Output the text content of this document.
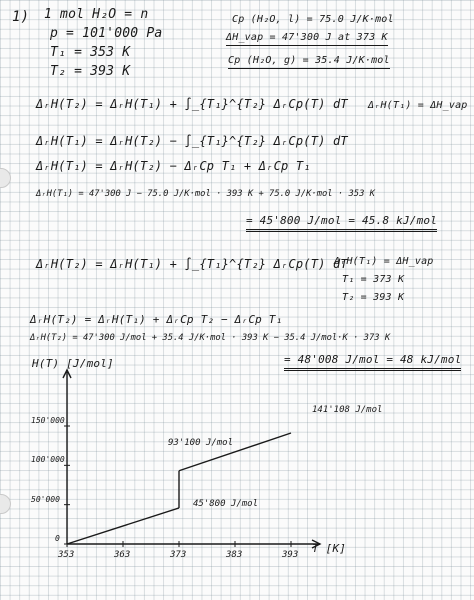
1) 1 mol H₂O = n
p = 101'000 Pa
T₁ = 353 K
T₂ = 393 K
Cp (H₂O, l) = 75.0 J/K·mol
ΔH_vap = 47'300 J at 373 K
Cp (H₂O, g) = 35.4 J/K·mol
ΔᵣH(T₂) = ΔᵣH(T₁) + ∫_{T₁}^{T₂} ΔᵣCp(T) dT ΔᵣH(T₁) = ΔH_vap
ΔᵣH(T₁) = ΔᵣH(T₂) − ∫_{T₁}^{T₂} ΔᵣCp(T) dT
ΔᵣH(T₁) = ΔᵣH(T₂) − ΔᵣCp T₁ + ΔᵣCp T₁
ΔᵣH(T₁) = 47'300 J − 75.0 J/K·mol · 393 K + 75.0 J/K·mol · 353 K
= 45'800 J/mol = 45.8 kJ/mol
ΔᵣH(T₂) = ΔᵣH(T₁) + ∫_{T₁}^{T₂} ΔᵣCp(T) dT
ΔᵣH(T₁) = ΔH_vap
T₁ = 373 K
T₂ = 393 K
ΔᵣH(T₂) = ΔᵣH(T₁) + ΔᵣCp T₂ − ΔᵣCp T₁
ΔᵣH(T₂) = 47'300 J/mol + 35.4 J/K·mol · 393 K − 35.4 J/mol·K · 373 K
= 48'008 J/mol = 48 kJ/mol
H(T) [J/mol]
T [K]
353	363	373	383	393
150'000
100'000
50'000
0
45'800 J/mol
93'100 J/mol
141'108 J/mol
